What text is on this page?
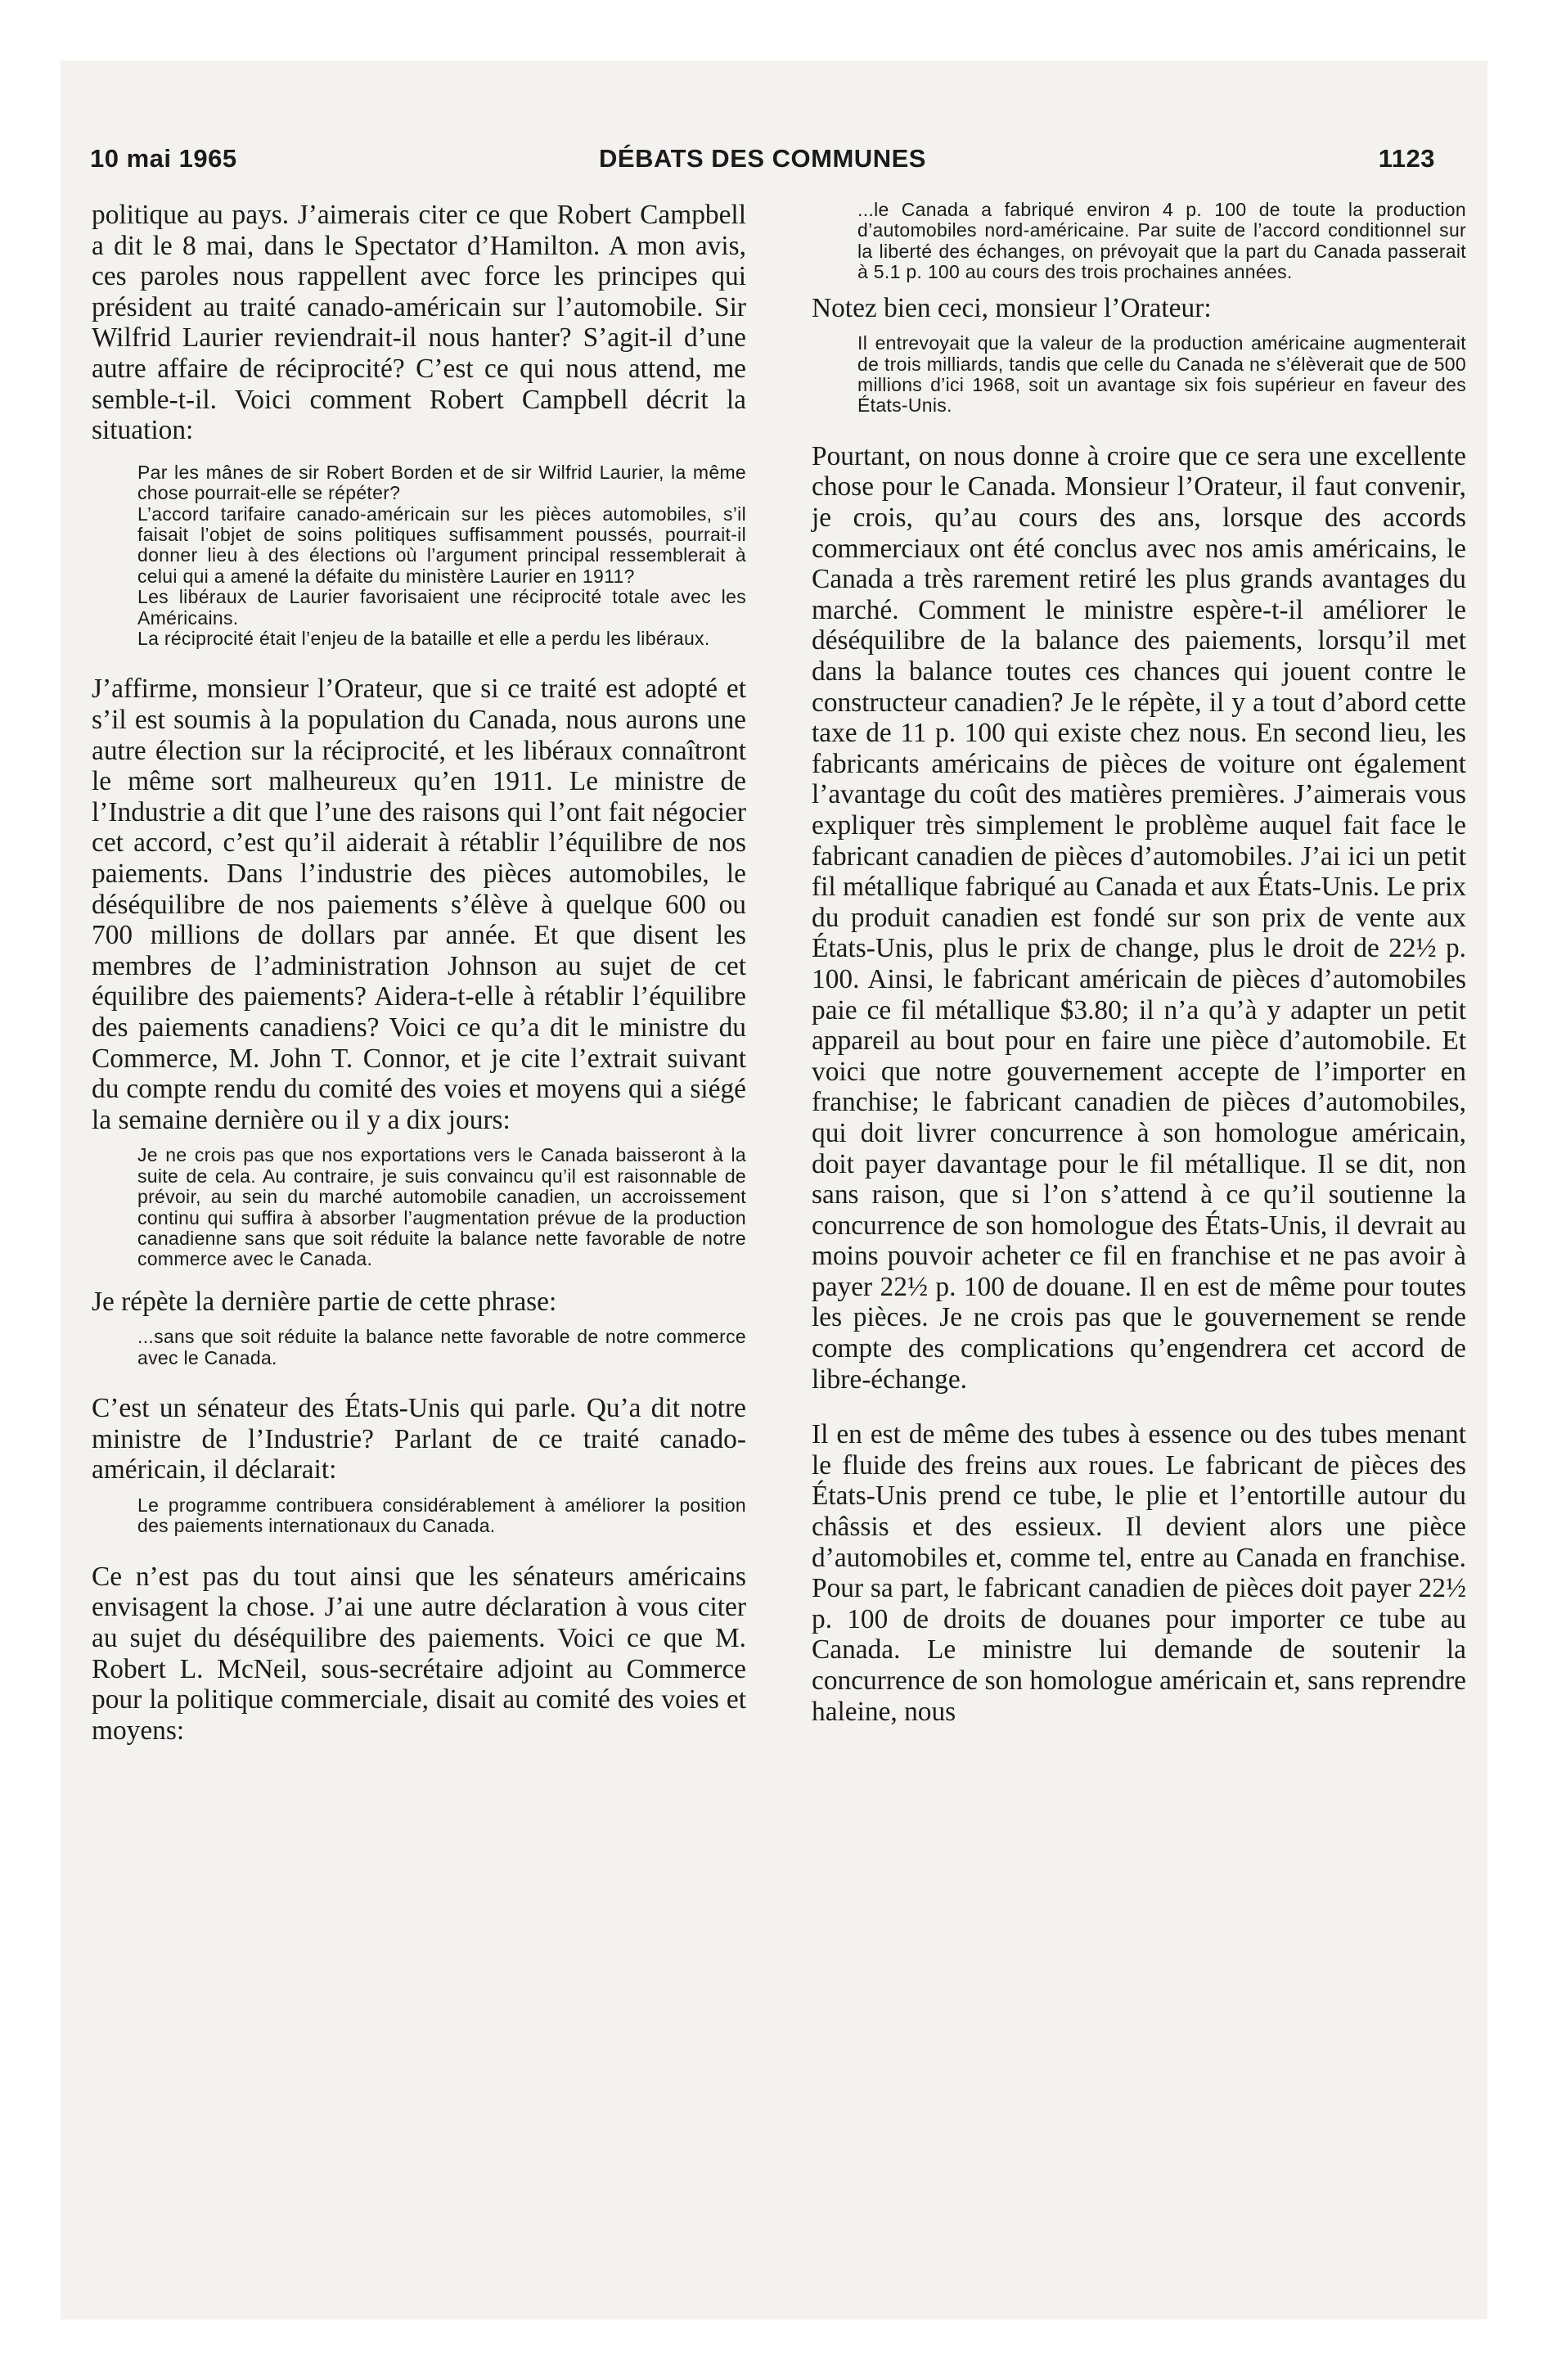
10 mai 1965	DÉBATS DES COMMUNES	1123

politique au pays. J’aimerais citer ce que Robert Campbell a dit le 8 mai, dans le Spectator d’Hamilton. A mon avis, ces paroles nous rappellent avec force les principes qui président au traité canado-américain sur l’automobile. Sir Wilfrid Laurier reviendrait-il nous hanter? S’agit-il d’une autre affaire de réciprocité? C’est ce qui nous attend, me semble-t-il. Voici comment Robert Campbell décrit la situation:

Par les mânes de sir Robert Borden et de sir Wilfrid Laurier, la même chose pourrait-elle se répéter?

L’accord tarifaire canado-américain sur les pièces automobiles, s’il faisait l’objet de soins politiques suffisamment poussés, pourrait-il donner lieu à des élections où l’argument principal ressemblerait à celui qui a amené la défaite du ministère Laurier en 1911?

Les libéraux de Laurier favorisaient une réciprocité totale avec les Américains.

La réciprocité était l’enjeu de la bataille et elle a perdu les libéraux.

J’affirme, monsieur l’Orateur, que si ce traité est adopté et s’il est soumis à la population du Canada, nous aurons une autre élection sur la réciprocité, et les libéraux connaîtront le même sort malheureux qu’en 1911. Le ministre de l’Industrie a dit que l’une des raisons qui l’ont fait négocier cet accord, c’est qu’il aiderait à rétablir l’équilibre de nos paiements. Dans l’industrie des pièces automobiles, le déséquilibre de nos paiements s’élève à quelque 600 ou 700 millions de dollars par année. Et que disent les membres de l’administration Johnson au sujet de cet équilibre des paiements? Aidera-t-elle à rétablir l’équilibre des paiements canadiens? Voici ce qu’a dit le ministre du Commerce, M. John T. Connor, et je cite l’extrait suivant du compte rendu du comité des voies et moyens qui a siégé la semaine dernière ou il y a dix jours:

Je ne crois pas que nos exportations vers le Canada baisseront à la suite de cela. Au contraire, je suis convaincu qu’il est raisonnable de prévoir, au sein du marché automobile canadien, un accroissement continu qui suffira à absorber l’augmentation prévue de la production canadienne sans que soit réduite la balance nette favorable de notre commerce avec le Canada.

Je répète la dernière partie de cette phrase:

...sans que soit réduite la balance nette favorable de notre commerce avec le Canada.

C’est un sénateur des États-Unis qui parle. Qu’a dit notre ministre de l’Industrie? Parlant de ce traité canado-américain, il déclarait:

Le programme contribuera considérablement à améliorer la position des paiements internationaux du Canada.

Ce n’est pas du tout ainsi que les sénateurs américains envisagent la chose. J’ai une autre déclaration à vous citer au sujet du déséquilibre des paiements. Voici ce que M. Robert L. McNeil, sous-secrétaire adjoint au Commerce pour la politique commerciale, disait au comité des voies et moyens:

...le Canada a fabriqué environ 4 p. 100 de toute la production d’automobiles nord-américaine. Par suite de l’accord conditionnel sur la liberté des échanges, on prévoyait que la part du Canada passerait à 5.1 p. 100 au cours des trois prochaines années.

Notez bien ceci, monsieur l’Orateur:

Il entrevoyait que la valeur de la production américaine augmenterait de trois milliards, tandis que celle du Canada ne s’élèverait que de 500 millions d’ici 1968, soit un avantage six fois supérieur en faveur des États-Unis.

Pourtant, on nous donne à croire que ce sera une excellente chose pour le Canada. Monsieur l’Orateur, il faut convenir, je crois, qu’au cours des ans, lorsque des accords commerciaux ont été conclus avec nos amis américains, le Canada a très rarement retiré les plus grands avantages du marché. Comment le ministre espère-t-il améliorer le déséquilibre de la balance des paiements, lorsqu’il met dans la balance toutes ces chances qui jouent contre le constructeur canadien? Je le répète, il y a tout d’abord cette taxe de 11 p. 100 qui existe chez nous. En second lieu, les fabricants américains de pièces de voiture ont également l’avantage du coût des matières premières. J’aimerais vous expliquer très simplement le problème auquel fait face le fabricant canadien de pièces d’automobiles. J’ai ici un petit fil métallique fabriqué au Canada et aux États-Unis. Le prix du produit canadien est fondé sur son prix de vente aux États-Unis, plus le prix de change, plus le droit de 22½ p. 100. Ainsi, le fabricant américain de pièces d’automobiles paie ce fil métallique $3.80; il n’a qu’à y adapter un petit appareil au bout pour en faire une pièce d’automobile. Et voici que notre gouvernement accepte de l’importer en franchise; le fabricant canadien de pièces d’automobiles, qui doit livrer concurrence à son homologue américain, doit payer davantage pour le fil métallique. Il se dit, non sans raison, que si l’on s’attend à ce qu’il soutienne la concurrence de son homologue des États-Unis, il devrait au moins pouvoir acheter ce fil en franchise et ne pas avoir à payer 22½ p. 100 de douane. Il en est de même pour toutes les pièces. Je ne crois pas que le gouvernement se rende compte des complications qu’engendrera cet accord de libre-échange.

Il en est de même des tubes à essence ou des tubes menant le fluide des freins aux roues. Le fabricant de pièces des États-Unis prend ce tube, le plie et l’entortille autour du châssis et des essieux. Il devient alors une pièce d’automobiles et, comme tel, entre au Canada en franchise. Pour sa part, le fabricant canadien de pièces doit payer 22½ p. 100 de droits de douanes pour importer ce tube au Canada. Le ministre lui demande de soutenir la concurrence de son homologue américain et, sans reprendre haleine, nous
